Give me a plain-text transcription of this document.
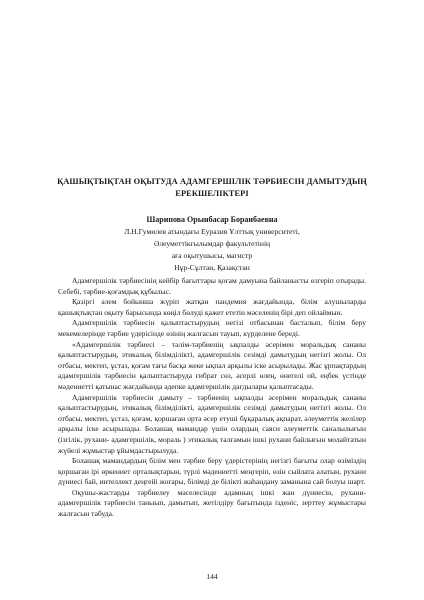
ҚАШЫҚТЫҚТАН ОҚЫТУДА АДАМГЕРШІЛІК ТӘРБИЕСІН ДАМЫТУДЫҢ
ЕРЕКШЕЛІКТЕРІ
Шарипова Орынбасар Бораибаевна
Л.Н.Гумилев атындағы Еуразия Ұлттық университеті,
Әлеуметтікғылымдар факультетінің
аға оқытушысы, магистр
Нұр-Сұлтан, Қазақстан

Адамгершілік тәрбиесінің кейбір бағыттары қоғам дамуына байланысты өзгеріп отырады. Себебі, тәрбие-қоғамдық құбылыс.

Қазіргі әлем бойынша жүріп жатқан пандемия жағдайында, білім алушыларды қашықтықтан оқыту барысында көңіл бөлуді қажет ететін мәселенің бірі деп ойлаймын.

Адамгершілік тәрбиесін қалыптастырудың негізі отбасынан басталып, білім беру мекемелерінде тәрбие үдерісінде өзінің жалғасын тауып, күрделене береді.

«Адамгершілік тәрбиесі – тәлім-тәрбиенің ықпалды әсерімен моральдық сананы қалыптастырудың, этикалық білімділікті, адамгершілік сезімді дамытудың негізгі жолы. Ол отбасы, мектеп, ұстаз, қоғам тағы басқа жеке ықпал арқылы іске асырылады. Жас ұрпақтардың адамгершілік тәрбиесін қалыптастыруда ғибрат сөз, әсерлі өлең, өнегелі ой, еңбек үстінде мәдениетті қатынас жағдайында әдепке адамгершілік дағдылары қалыптасады.

Адамгершілік тәрбиесін дамыту – тәрбиенің ықпалды әсерімен моральдық сананы қалыптастырудың, этикалық білімділікті, адамгершілік сезімді дамытудың негізгі жолы. Ол отбасы, мектеп, ұстаз, қоғам, қоршаған орта әсер етуші бұқаралық ақпарат, әлеуметтік желілер арқылы іске асырылады. Болашақ мамандар үшін олардың саяси әлеуметтік саналылығын (ізгілік, рухани- адамгершілік, мораль ) этикалық талғамын ішкі рухани байлығын молайтатын жүйелі жұмыстар ұйымдастырылуда.

Болашақ мамандардың білім мен тәрбие беру үдерістерінің негізгі бағыты олар өзіміздің қоршаған ірі өркениет орталықтарын, түрлі мәдениетті меңгеріп, өзін сыйлата алатын, рухани дүниесі бай, интеллект деңгейі жоғары, білімді де білікті жаһандану заманына сай болуы шарт.

Оқушы-жастарды тәрбиелеу мәселесінде адамның ішкі жан дүниесін, рухани-адамгершілік тәрбиесін таныып, дамытып, жетілдіру бағытында ізденіс, зерттеу жұмыстары жалғасын табуда.

144
